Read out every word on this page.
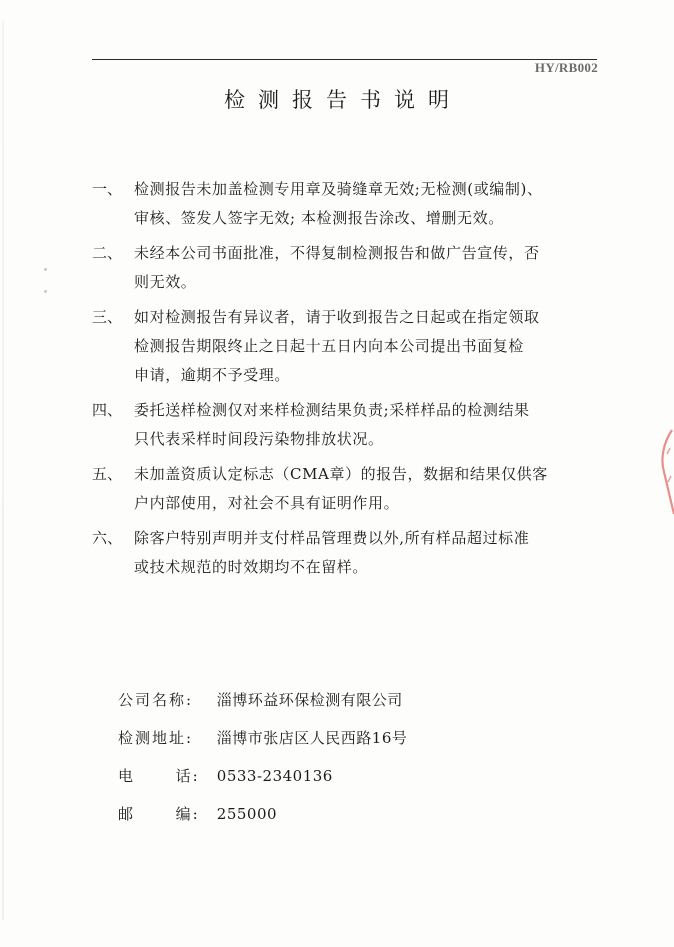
HY/RB002
检测报告书说明
一、 检测报告未加盖检测专用章及骑缝章无效;无检测(或编制)、
审核、签发人签字无效; 本检测报告涂改、增删无效。
二、 未经本公司书面批准，不得复制检测报告和做广告宣传，否
则无效。
三、 如对检测报告有异议者，请于收到报告之日起或在指定领取
检测报告期限终止之日起十五日内向本公司提出书面复检
申请，逾期不予受理。
四、 委托送样检测仅对来样检测结果负责;采样样品的检测结果
只代表采样时间段污染物排放状况。
五、 未加盖资质认定标志（CMA章）的报告，数据和结果仅供客
户内部使用，对社会不具有证明作用。
六、 除客户特别声明并支付样品管理费以外,所有样品超过标准
或技术规范的时效期均不在留样。
公司名称: 淄博环益环保检测有限公司
检测地址: 淄博市张店区人民西路16号
电      话: 0533-2340136
邮      编: 255000
